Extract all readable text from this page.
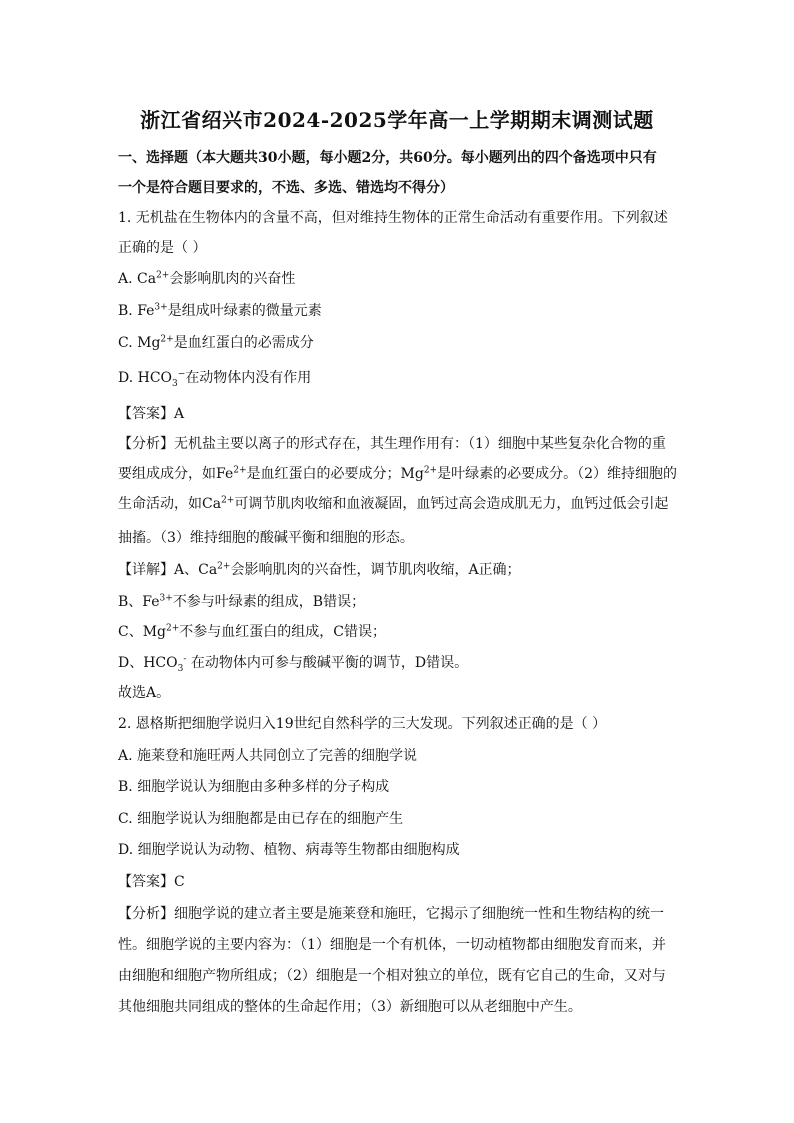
浙江省绍兴市2024-2025学年高一上学期期末调测试题
一、选择题（本大题共30小题，每小题2分，共60分。每小题列出的四个备选项中只有
一个是符合题目要求的，不选、多选、错选均不得分）
1. 无机盐在生物体内的含量不高，但对维持生物体的正常生命活动有重要作用。下列叙述
正确的是（ ）
A. $Ca^{2+}$会影响肌肉的兴奋性
B. $Fe^{3+}$是组成叶绿素的微量元素
C. $Mg^{2+}$是血红蛋白的必需成分
D. $HCO_3^-$在动物体内没有作用
【答案】A
【分析】无机盐主要以离子的形式存在，其生理作用有：（1）细胞中某些复杂化合物的重
要组成成分，如$Fe^{2+}$是血红蛋白的必要成分；$Mg^{2+}$是叶绿素的必要成分。（2）维持细胞的
生命活动，如$Ca^{2+}$可调节肌肉收缩和血液凝固，血钙过高会造成肌无力，血钙过低会引起
抽搐。（3）维持细胞的酸碱平衡和细胞的形态。
【详解】A、$Ca^{2+}$会影响肌肉的兴奋性，调节肌肉收缩，A正确；
B、$Fe^{3+}$不参与叶绿素的组成，B错误；
C、$Mg^{2+}$不参与血红蛋白的组成，C错误；
D、$HCO_3^-$ 在动物体内可参与酸碱平衡的调节，D错误。
故选A。
2. 恩格斯把细胞学说归入19世纪自然科学的三大发现。下列叙述正确的是（ ）
A. 施莱登和施旺两人共同创立了完善的细胞学说
B. 细胞学说认为细胞由多种多样的分子构成
C. 细胞学说认为细胞都是由已存在的细胞产生
D. 细胞学说认为动物、植物、病毒等生物都由细胞构成
【答案】C
【分析】细胞学说的建立者主要是施莱登和施旺，它揭示了细胞统一性和生物结构的统一
性。细胞学说的主要内容为：（1）细胞是一个有机体，一切动植物都由细胞发育而来，并
由细胞和细胞产物所组成；（2）细胞是一个相对独立的单位，既有它自己的生命，又对与
其他细胞共同组成的整体的生命起作用；（3）新细胞可以从老细胞中产生。
